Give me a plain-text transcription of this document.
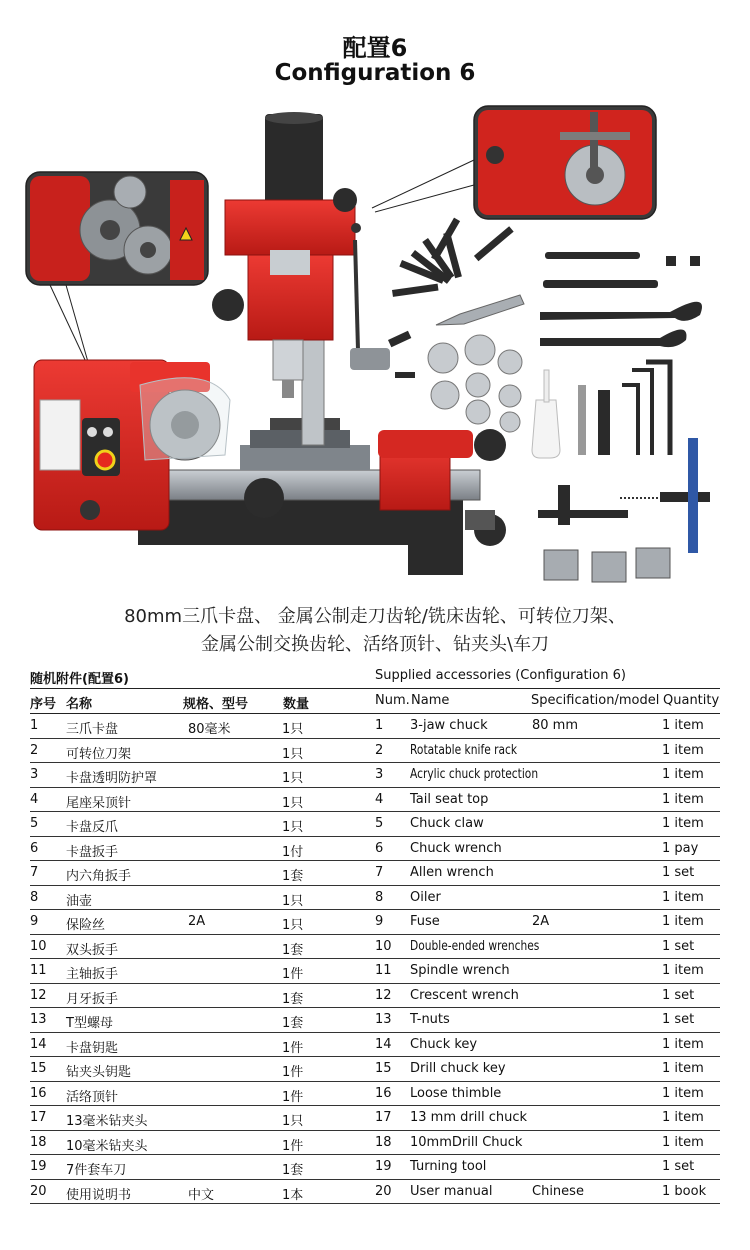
配置6
Configuration 6
80mm三爪卡盘、 金属公制走刀齿轮/铣床齿轮、可转位刀架、
金属公制交换齿轮、活络顶针、钻夹头\车刀
随机附件(配置6)	Supplied accessories (Configuration 6)
序号 名称	规格、型号	数量	Num. Name	Specification/model Quantity
1 三爪卡盘	80毫米	1只	1 3-jaw chuck	80 mm	1 item
2 可转位刀架	1只	2 Rotatable knife rack	1 item
3 卡盘透明防护罩	1只	3 Acrylic chuck protection	1 item
4 尾座呆顶针	1只	4 Tail seat top	1 item
5 卡盘反爪	1只	5 Chuck claw	1 item
6 卡盘扳手	1付	6 Chuck wrench	1 pay
7 内六角扳手	1套	7 Allen wrench	1 set
8 油壶	1只	8 Oiler	1 item
9 保险丝	2A	1只	9 Fuse	2A	1 item
10 双头扳手	1套	10 Double-ended wrenches	1 set
11 主轴扳手	1件	11 Spindle wrench	1 item
12 月牙扳手	1套	12 Crescent wrench	1 set
13 T型螺母	1套	13 T-nuts	1 set
14 卡盘钥匙	1件	14 Chuck key	1 item
15 钻夹头钥匙	1件	15 Drill chuck key	1 item
16 活络顶针	1件	16 Loose thimble	1 item
17 13毫米钻夹头	1只	17 13 mm drill chuck	1 item
18 10毫米钻夹头	1件	18 10mmDrill Chuck	1 item
19 7件套车刀	1套	19 Turning tool	1 set
20 使用说明书	中文	1本	20 User manual	Chinese	1 book
